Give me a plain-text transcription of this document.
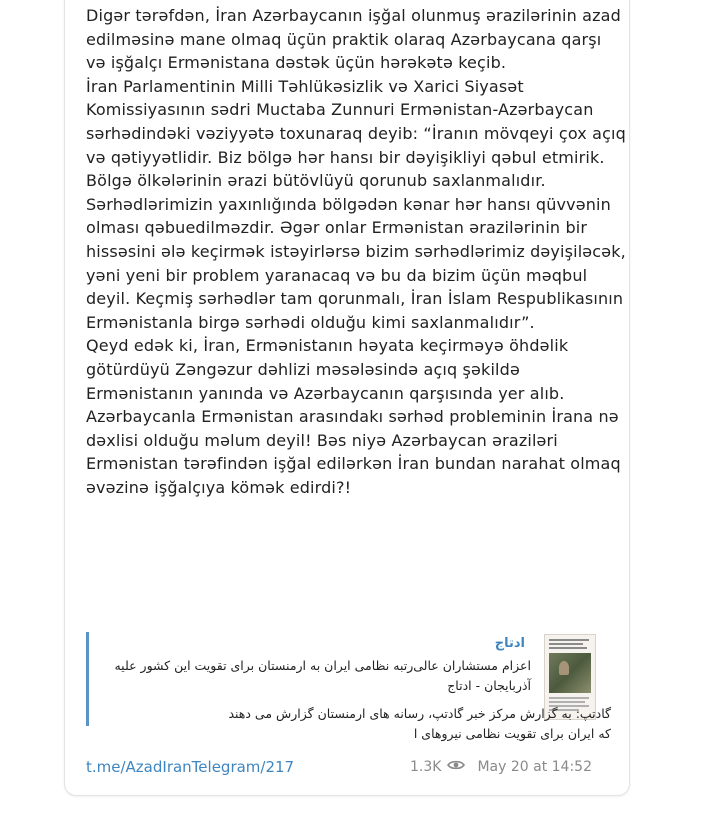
Digər tərəfdən, İran Azərbaycanın işğal olunmuş ərazilərinin azad edilməsinə mane olmaq üçün praktik olaraq Azərbaycana qarşı və işğalçı Ermənistana dəstək üçün hərəkətə keçib.
İran Parlamentinin Milli Təhlükəsizlik və Xarici Siyasət Komissiyasının sədri Muctaba Zunnuri Ermənistan-Azərbaycan sərhədindəki vəziyyətə toxunaraq deyib: “İranın mövqeyi çox açıq və qətiyyətlidir. Biz bölgə hər hansı bir dəyişikliyi qəbul etmirik. Bölgə ölkələrinin ərazi bütövlüyü qorunub saxlanmalıdır. Sərhədlərimizin yaxınlığında bölgədən kənar hər hansı qüvvənin olması qəbuedilməzdir. Əgər onlar Ermənistan ərazilərinin bir hissəsini ələ keçirmək istəyirlərsə bizim sərhədlərimiz dəyişiləcək, yəni yeni bir problem yaranacaq və bu da bizim üçün məqbul deyil. Keçmiş sərhədlər tam qorunmalı, İran İslam Respublikasının Ermənistanla birgə sərhədi olduğu kimi saxlanmalıdır”.
Qeyd edək ki, İran, Ermənistanın həyata keçirməyə öhdəlik götürdüyü Zəngəzur dəhlizi məsələsində açıq şəkildə Ermənistanın yanında və Azərbaycanın qarşısında yer alıb. Azərbaycanla Ermənistan arasındakı sərhəd probleminin İrana nə dəxlisi olduğu məlum deyil! Bəs niyə Azərbaycan əraziləri Ermənistan tərəfindən işğal edilərkən İran bundan narahat olmaq əvəzinə işğalçıya kömək edirdi?!
ادتاج
اعزام مستشاران عالی‌رتبه نظامی ایران به ارمنستان برای تقویت این کشور علیه آذربایجان - ادتاج
گادتپ: به گزارش مرکز خبر گادتپ، رسانه های ارمنستان گزارش می دهند
که ایران برای تقویت نظامی نیروهای ا
t.me/AzadIranTelegram/217	1.3K	May 20 at 14:52
